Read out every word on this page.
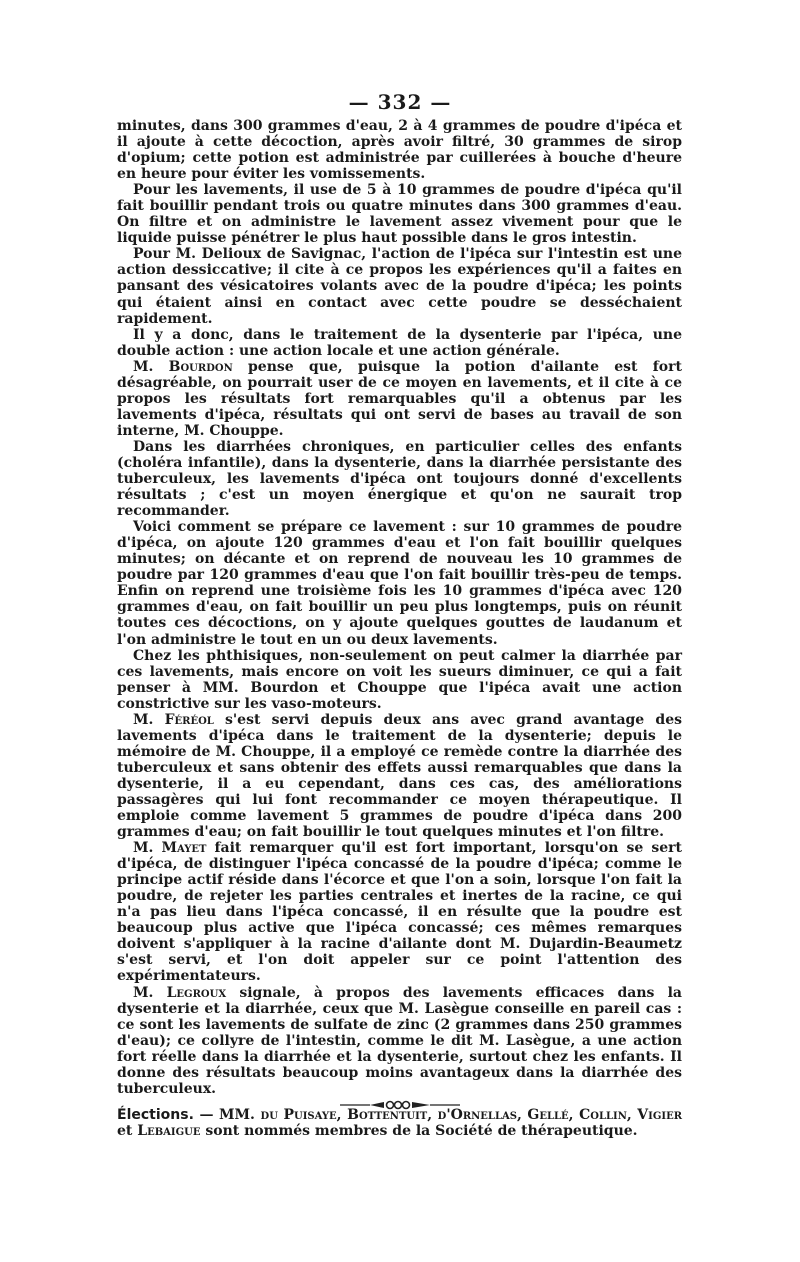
— 332 —

minutes, dans 300 grammes d'eau, 2 à 4 grammes de poudre d'ipéca et il ajoute à cette décoction, après avoir filtré, 30 grammes de sirop d'opium; cette potion est administrée par cuillerées à bouche d'heure en heure pour éviter les vomissements.

Pour les lavements, il use de 5 à 10 grammes de poudre d'ipéca qu'il fait bouillir pendant trois ou quatre minutes dans 300 grammes d'eau. On filtre et on administre le lavement assez vivement pour que le liquide puisse pénétrer le plus haut possible dans le gros intestin.

Pour M. Delioux de Savignac, l'action de l'ipéca sur l'intestin est une action dessiccative; il cite à ce propos les expériences qu'il a faites en pansant des vésicatoires volants avec de la poudre d'ipéca; les points qui étaient ainsi en contact avec cette poudre se desséchaient rapidement.

Il y a donc, dans le traitement de la dysenterie par l'ipéca, une double action : une action locale et une action générale.

M. Bourdon pense que, puisque la potion d'ailante est fort désagréable, on pourrait user de ce moyen en lavements, et il cite à ce propos les résultats fort remarquables qu'il a obtenus par les lavements d'ipéca, résultats qui ont servi de bases au travail de son interne, M. Chouppe.

Dans les diarrhées chroniques, en particulier celles des enfants (choléra infantile), dans la dysenterie, dans la diarrhée persistante des tuberculeux, les lavements d'ipéca ont toujours donné d'excellents résultats ; c'est un moyen énergique et qu'on ne saurait trop recommander.

Voici comment se prépare ce lavement : sur 10 grammes de poudre d'ipéca, on ajoute 120 grammes d'eau et l'on fait bouillir quelques minutes; on décante et on reprend de nouveau les 10 grammes de poudre par 120 grammes d'eau que l'on fait bouillir très-peu de temps. Enfin on reprend une troisième fois les 10 grammes d'ipéca avec 120 grammes d'eau, on fait bouillir un peu plus longtemps, puis on réunit toutes ces décoctions, on y ajoute quelques gouttes de laudanum et l'on administre le tout en un ou deux lavements.

Chez les phthisiques, non-seulement on peut calmer la diarrhée par ces lavements, mais encore on voit les sueurs diminuer, ce qui a fait penser à MM. Bourdon et Chouppe que l'ipéca avait une action constrictive sur les vaso-moteurs.

M. Féréol s'est servi depuis deux ans avec grand avantage des lavements d'ipéca dans le traitement de la dysenterie; depuis le mémoire de M. Chouppe, il a employé ce remède contre la diarrhée des tuberculeux et sans obtenir des effets aussi remarquables que dans la dysenterie, il a eu cependant, dans ces cas, des améliorations passagères qui lui font recommander ce moyen thérapeutique. Il emploie comme lavement 5 grammes de poudre d'ipéca dans 200 grammes d'eau; on fait bouillir le tout quelques minutes et l'on filtre.

M. Mayet fait remarquer qu'il est fort important, lorsqu'on se sert d'ipéca, de distinguer l'ipéca concassé de la poudre d'ipéca; comme le principe actif réside dans l'écorce et que l'on a soin, lorsque l'on fait la poudre, de rejeter les parties centrales et inertes de la racine, ce qui n'a pas lieu dans l'ipéca concassé, il en résulte que la poudre est beaucoup plus active que l'ipéca concassé; ces mêmes remarques doivent s'appliquer à la racine d'ailante dont M. Dujardin-Beaumetz s'est servi, et l'on doit appeler sur ce point l'attention des expérimentateurs.

M. Legroux signale, à propos des lavements efficaces dans la dysenterie et la diarrhée, ceux que M. Lasègue conseille en pareil cas : ce sont les lavements de sulfate de zinc (2 grammes dans 250 grammes d'eau); ce collyre de l'intestin, comme le dit M. Lasègue, a une action fort réelle dans la diarrhée et la dysenterie, surtout chez les enfants. Il donne des résultats beaucoup moins avantageux dans la diarrhée des tuberculeux.

Élections. — MM. du Puisaye, Bottentuit, d'Ornellas, Gellé, Collin, Vigier et Lebaigue sont nommés membres de la Société de thérapeutique.
